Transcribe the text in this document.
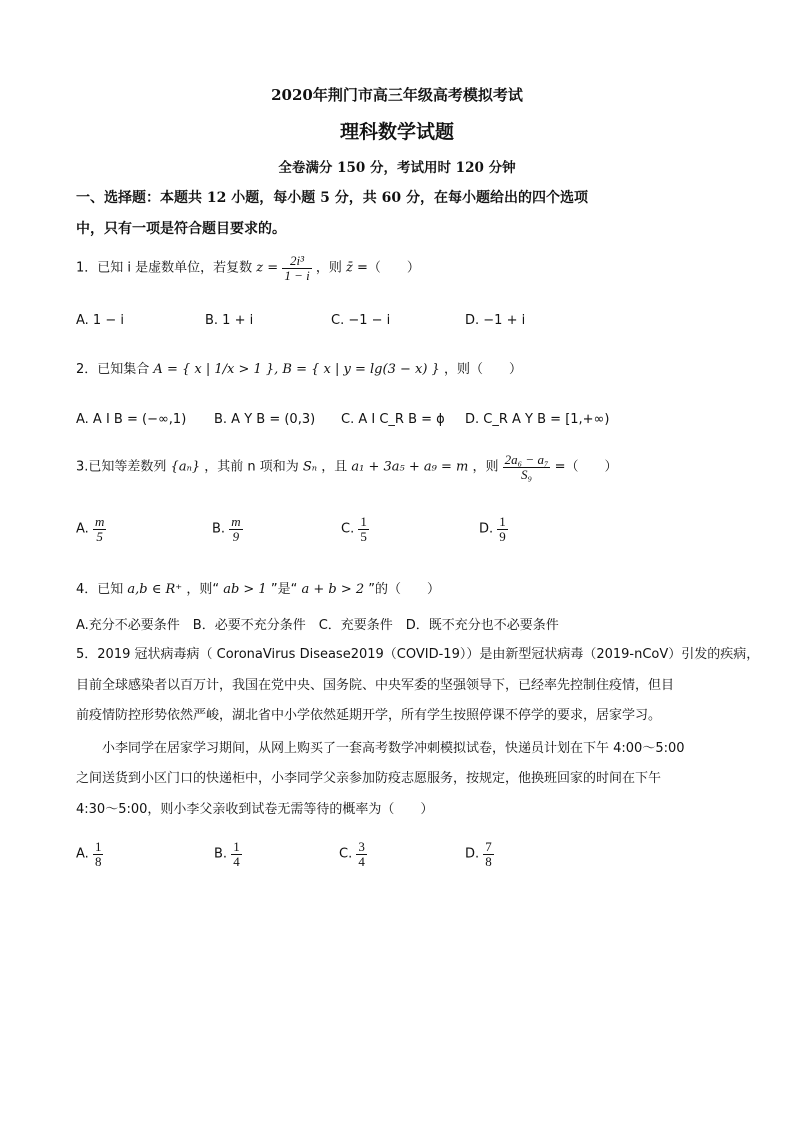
2020年荆门市高三年级高考模拟考试
理科数学试题
全卷满分 150 分，考试用时 120 分钟
一、选择题：本题共 12 小题，每小题 5 分，共 60 分，在每小题给出的四个选项
中，只有一项是符合题目要求的。
1．已知 i 是虚数单位，若复数 $z = \frac{\text{2i³}}{1 - i}$ ，则 z̄ =（　　）
A. 1 − i	B. 1 + i	C. −1 − i	D. −1 + i
2．已知集合 A = { x | 1/x > 1 }, B = { x | y = lg(3 − x) } ，则（　　）
A. A I B = (−∞,1) B. A Y B = (0,3) C. A I C_R B = ϕ D. C_R A Y B = [1,+∞)
3.已知等差数列 {aₙ} ，其前 n 项和为 Sₙ ，且 a₁ + 3a₅ + a₉ = m ，则 $\frac{\text{2a₆ − a₇}}{\text{S₉}}$ =（　　）
A. $\frac{m}{5}$	B. $\frac{m}{9}$	C. $\frac{1}{5}$	D. $\frac{1}{9}$
4．已知 a,b ∈ R⁺ ，则“ ab > 1 ”是“ a + b > 2 ”的（　　）
A.充分不必要条件　B．必要不充分条件　C．充要条件　D．既不充分也不必要条件
5．2019 冠状病毒病（ CoronaVirus Disease2019（COVID-19））是由新型冠状病毒（2019-nCoV）引发的疾病，
目前全球感染者以百万计，我国在党中央、国务院、中央军委的坚强领导下，已经率先控制住疫情，但目
前疫情防控形势依然严峻，湖北省中小学依然延期开学，所有学生按照停课不停学的要求，居家学习。
小李同学在居家学习期间，从网上购买了一套高考数学冲刺模拟试卷，快递员计划在下午 4:00～5:00
之间送货到小区门口的快递柜中，小李同学父亲参加防疫志愿服务，按规定，他换班回家的时间在下午
4:30～5:00，则小李父亲收到试卷无需等待的概率为（　　）
A. $\frac{1}{8}$	B. $\frac{1}{4}$	C. $\frac{3}{4}$	D. $\frac{7}{8}$
